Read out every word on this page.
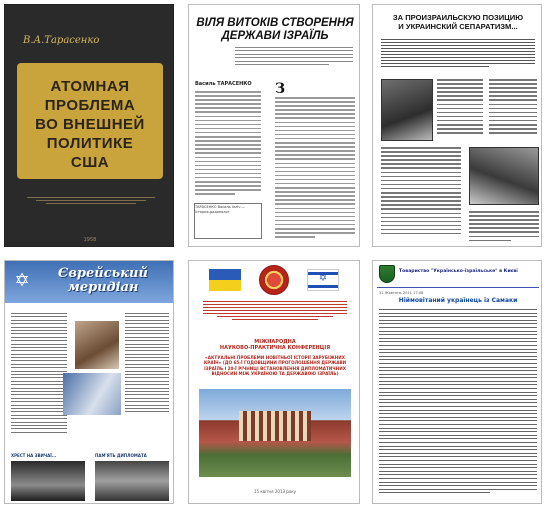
В.А.Тарасенко
АТОМНАЯ
ПРОБЛЕМА
ВО ВНЕШНЕЙ
ПОЛИТИКЕ
США
1958
ВІЛЯ ВИТОКІВ СТВОРЕННЯ
ДЕРЖАВИ ІЗРАЇЛЬ
Василь ТАРАСЕНКО З
ТАРАСЕНКО Василь Ілліч — історик-радянолог
ЗА ПРОИЗРАИЛЬСКУЮ ПОЗИЦИЮ
И УКРАИНСКИЙ СЕПАРАТИЗМ...
✡	Єврейський
меридіан
ХРЕСТ НА ЗВИЧАЇ...	ПАМ'ЯТЬ ДИПЛОМАТА
✡
МІЖНАРОДНА
НАУКОВО-ПРАКТИЧНА КОНФЕРЕНЦІЯ
«АКТУАЛЬНІ ПРОБЛЕМИ НОВІТНЬОЇ ІСТОРІЇ ЗАРУБІЖНИХ КРАЇН» (ДО 65-Ї ГОДОВЩИНИ ПРОГОЛОШЕННЯ ДЕРЖАВИ ІЗРАЇЛЬ І 20-Ї РІЧНИЦІ ВСТАНОВЛЕННЯ ДИПЛОМАТИЧНИХ ВІДНОСИН МІЖ УКРАЇНОЮ ТА ДЕРЖАВОЮ ІЗРАЇЛЬ)
15 квітня 2013 року
Товариство "Українсько-ізраїльське" в Києві
31 Жовтень 2011 17:08
Ніймовітаний українець із Самаки
